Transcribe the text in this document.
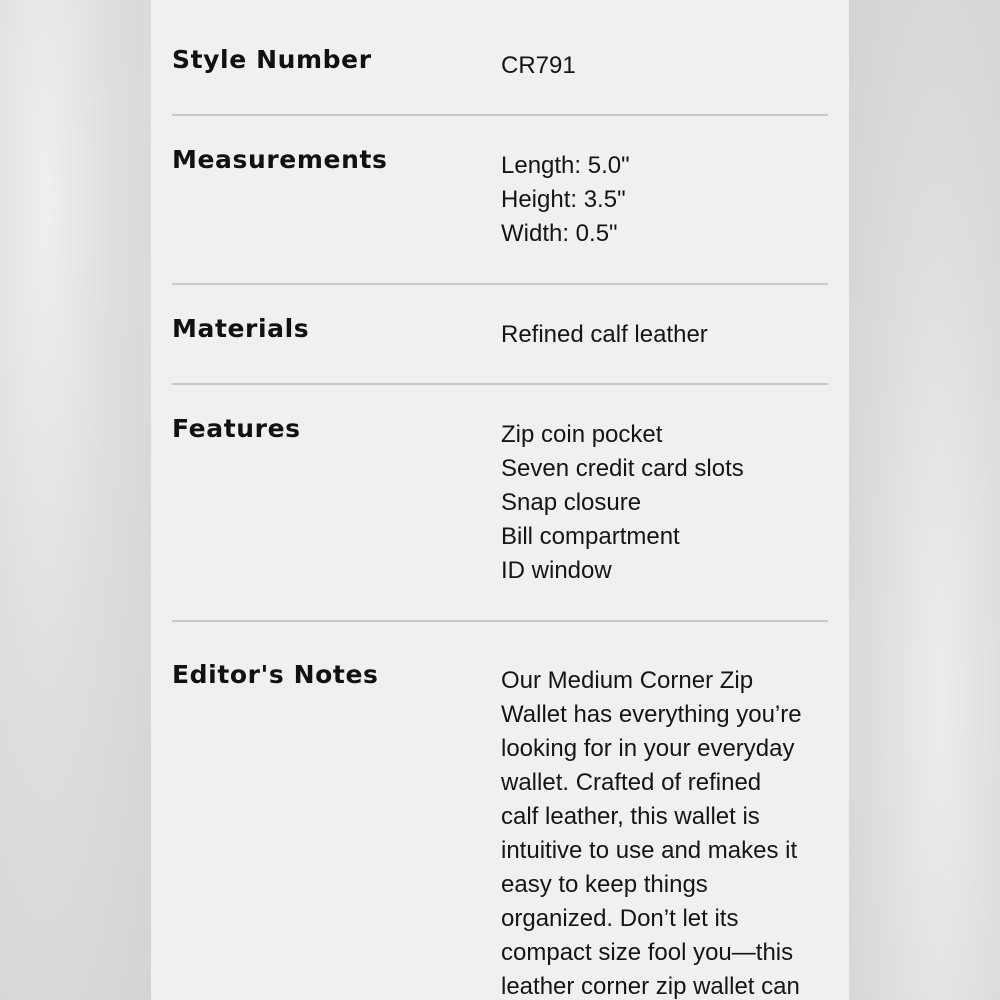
Style Number	CR791
Measurements	Length: 5.0"
Height: 3.5"
Width: 0.5"
Materials	Refined calf leather
Features	Zip coin pocket
Seven credit card slots
Snap closure
Bill compartment
ID window
Editor's Notes	Our Medium Corner Zip
Wallet has everything you’re
looking for in your everyday
wallet. Crafted of refined
calf leather, this wallet is
intuitive to use and makes it
easy to keep things
organized. Don’t let its
compact size fool you—this
leather corner zip wallet can
